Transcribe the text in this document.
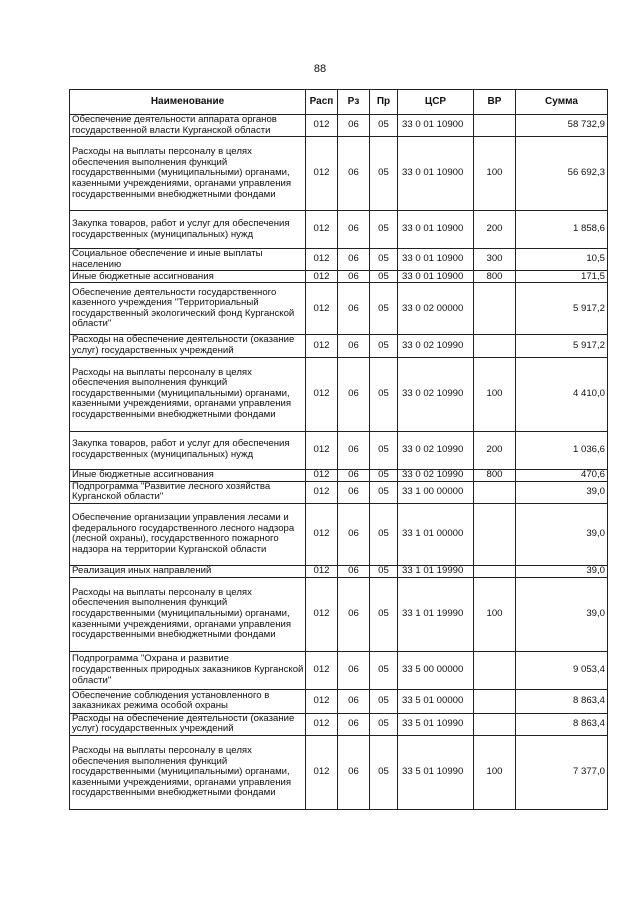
88
Наименование	Расп	Рз	Пр	ЦСР	ВР	Сумма
Обеспечение деятельности аппарата органов государственной власти Курганской области	012	06	05	33 0 01 10900		58 732,9
Расходы на выплаты персоналу в целях обеспечения выполнения функций государственными (муниципальными) органами, казенными учреждениями, органами управления государственными внебюджетными фондами	012	06	05	33 0 01 10900	100	56 692,3
Закупка товаров, работ и услуг для обеспечения государственных (муниципальных) нужд	012	06	05	33 0 01 10900	200	1 858,6
Социальное обеспечение и иные выплаты населению	012	06	05	33 0 01 10900	300	10,5
Иные бюджетные ассигнования	012	06	05	33 0 01 10900	800	171,5
Обеспечение деятельности государственного казенного учреждения "Территориальный государственный экологический фонд Курганской области"	012	06	05	33 0 02 00000		5 917,2
Расходы на обеспечение деятельности (оказание услуг) государственных учреждений	012	06	05	33 0 02 10990		5 917,2
Расходы на выплаты персоналу в целях обеспечения выполнения функций государственными (муниципальными) органами, казенными учреждениями, органами управления государственными внебюджетными фондами	012	06	05	33 0 02 10990	100	4 410,0
Закупка товаров, работ и услуг для обеспечения государственных (муниципальных) нужд	012	06	05	33 0 02 10990	200	1 036,6
Иные бюджетные ассигнования	012	06	05	33 0 02 10990	800	470,6
Подпрограмма "Развитие лесного хозяйства Курганской области"	012	06	05	33 1 00 00000		39,0
Обеспечение организации управления лесами и федерального государственного лесного надзора (лесной охраны), государственного пожарного надзора на территории Курганской области	012	06	05	33 1 01 00000		39,0
Реализация иных направлений	012	06	05	33 1 01 19990		39,0
Расходы на выплаты персоналу в целях обеспечения выполнения функций государственными (муниципальными) органами, казенными учреждениями, органами управления государственными внебюджетными фондами	012	06	05	33 1 01 19990	100	39,0
Подпрограмма "Охрана и развитие государственных природных заказников Курганской области"	012	06	05	33 5 00 00000		9 053,4
Обеспечение соблюдения установленного в заказниках режима особой охраны	012	06	05	33 5 01 00000		8 863,4
Расходы на обеспечение деятельности (оказание услуг) государственных учреждений	012	06	05	33 5 01 10990		8 863,4
Расходы на выплаты персоналу в целях обеспечения выполнения функций государственными (муниципальными) органами, казенными учреждениями, органами управления государственными внебюджетными фондами	012	06	05	33 5 01 10990	100	7 377,0
